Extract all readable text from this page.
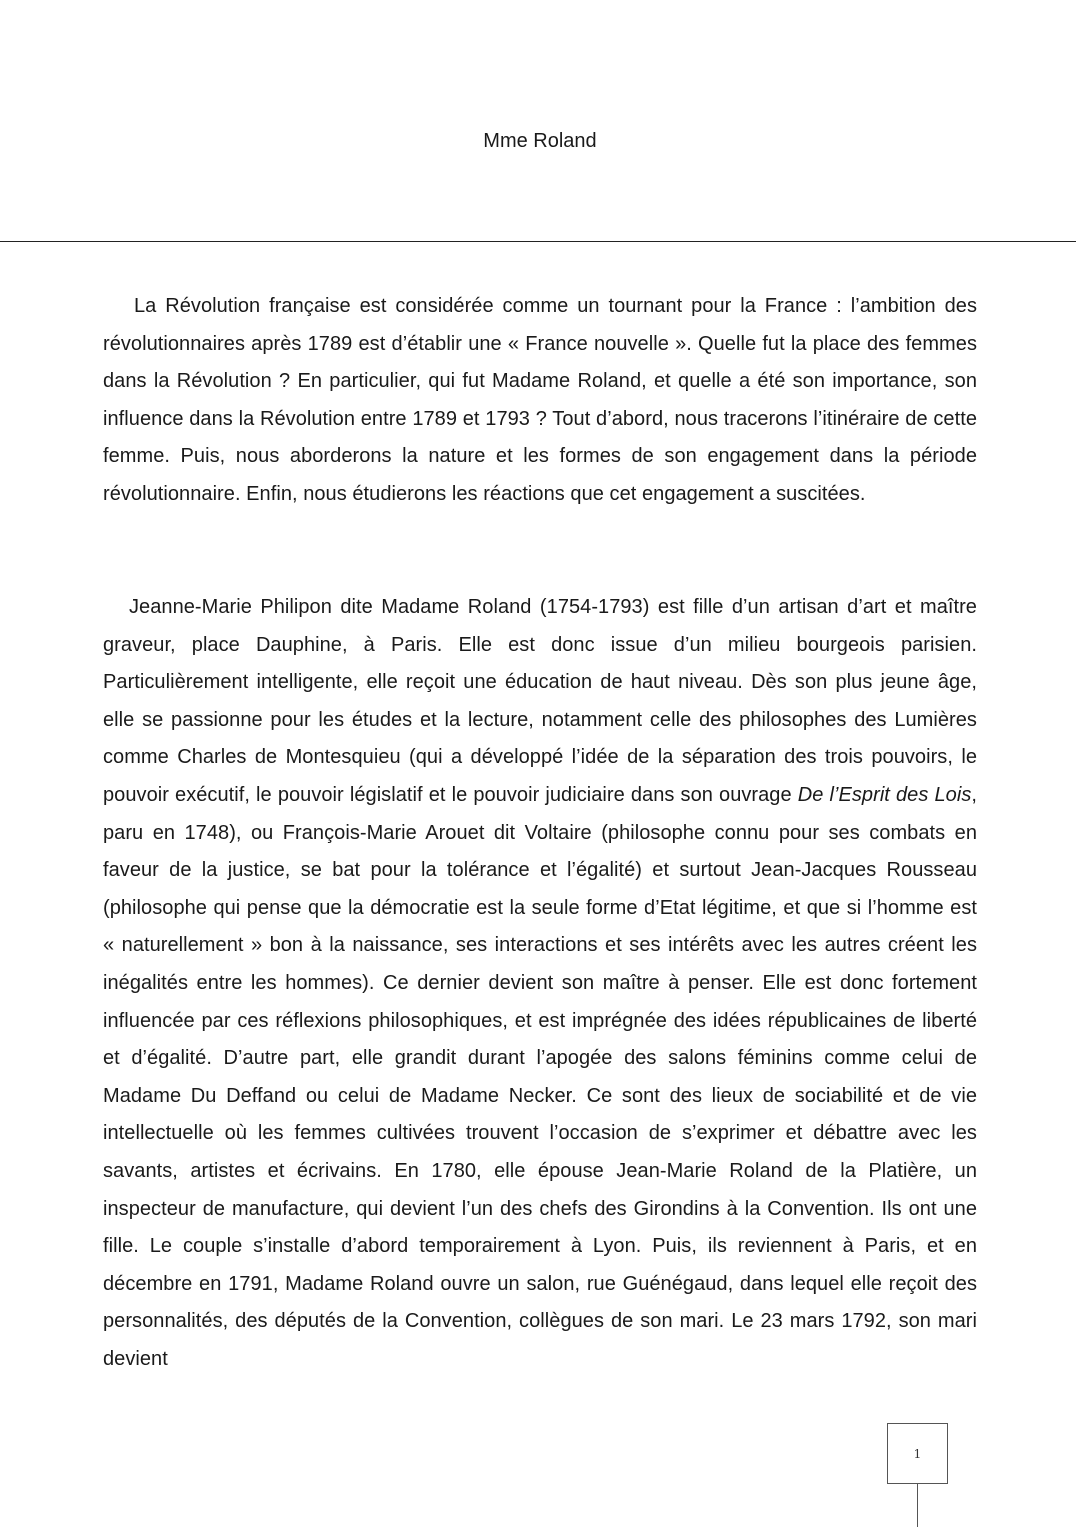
Mme Roland

La Révolution française est considérée comme un tournant pour la France : l’ambition des révolutionnaires après 1789 est d’établir une « France nouvelle ». Quelle fut la place des femmes dans la Révolution ? En particulier, qui fut Madame Roland, et quelle a été son importance, son influence dans la Révolution entre 1789 et 1793 ? Tout d’abord, nous tracerons l’itinéraire de cette femme. Puis, nous aborderons la nature et les formes de son engagement dans la période révolutionnaire. Enfin, nous étudierons les réactions que cet engagement a suscitées.

Jeanne-Marie Philipon dite Madame Roland (1754-1793) est fille d’un artisan d’art et maître graveur, place Dauphine, à Paris. Elle est donc issue d’un milieu bourgeois parisien. Particulièrement intelligente, elle reçoit une éducation de haut niveau. Dès son plus jeune âge, elle se passionne pour les études et la lecture, notamment celle des philosophes des Lumières comme Charles de Montesquieu (qui a développé l’idée de la séparation des trois pouvoirs, le pouvoir exécutif, le pouvoir législatif et le pouvoir judiciaire dans son ouvrage De l’Esprit des Lois, paru en 1748), ou François-Marie Arouet dit Voltaire (philosophe connu pour ses combats en faveur de la justice, se bat pour la tolérance et l’égalité) et surtout Jean-Jacques Rousseau (philosophe qui pense que la démocratie est la seule forme d’Etat légitime, et que si l’homme est « naturellement » bon à la naissance, ses interactions et ses intérêts avec les autres créent les inégalités entre les hommes). Ce dernier devient son maître à penser. Elle est donc fortement influencée par ces réflexions philosophiques, et est imprégnée des idées républicaines de liberté et d’égalité. D’autre part, elle grandit durant l’apogée des salons féminins comme celui de Madame Du Deffand ou celui de Madame Necker. Ce sont des lieux de sociabilité et de vie intellectuelle où les femmes cultivées trouvent l’occasion de s’exprimer et débattre avec les savants, artistes et écrivains. En 1780, elle épouse Jean-Marie Roland de la Platière, un inspecteur de manufacture, qui devient l’un des chefs des Girondins à la Convention. Ils ont une fille. Le couple s’installe d’abord temporairement à Lyon. Puis, ils reviennent à Paris, et en décembre en 1791, Madame Roland ouvre un salon, rue Guénégaud, dans lequel elle reçoit des personnalités, des députés de la Convention, collègues de son mari. Le 23 mars 1792, son mari devient

1
